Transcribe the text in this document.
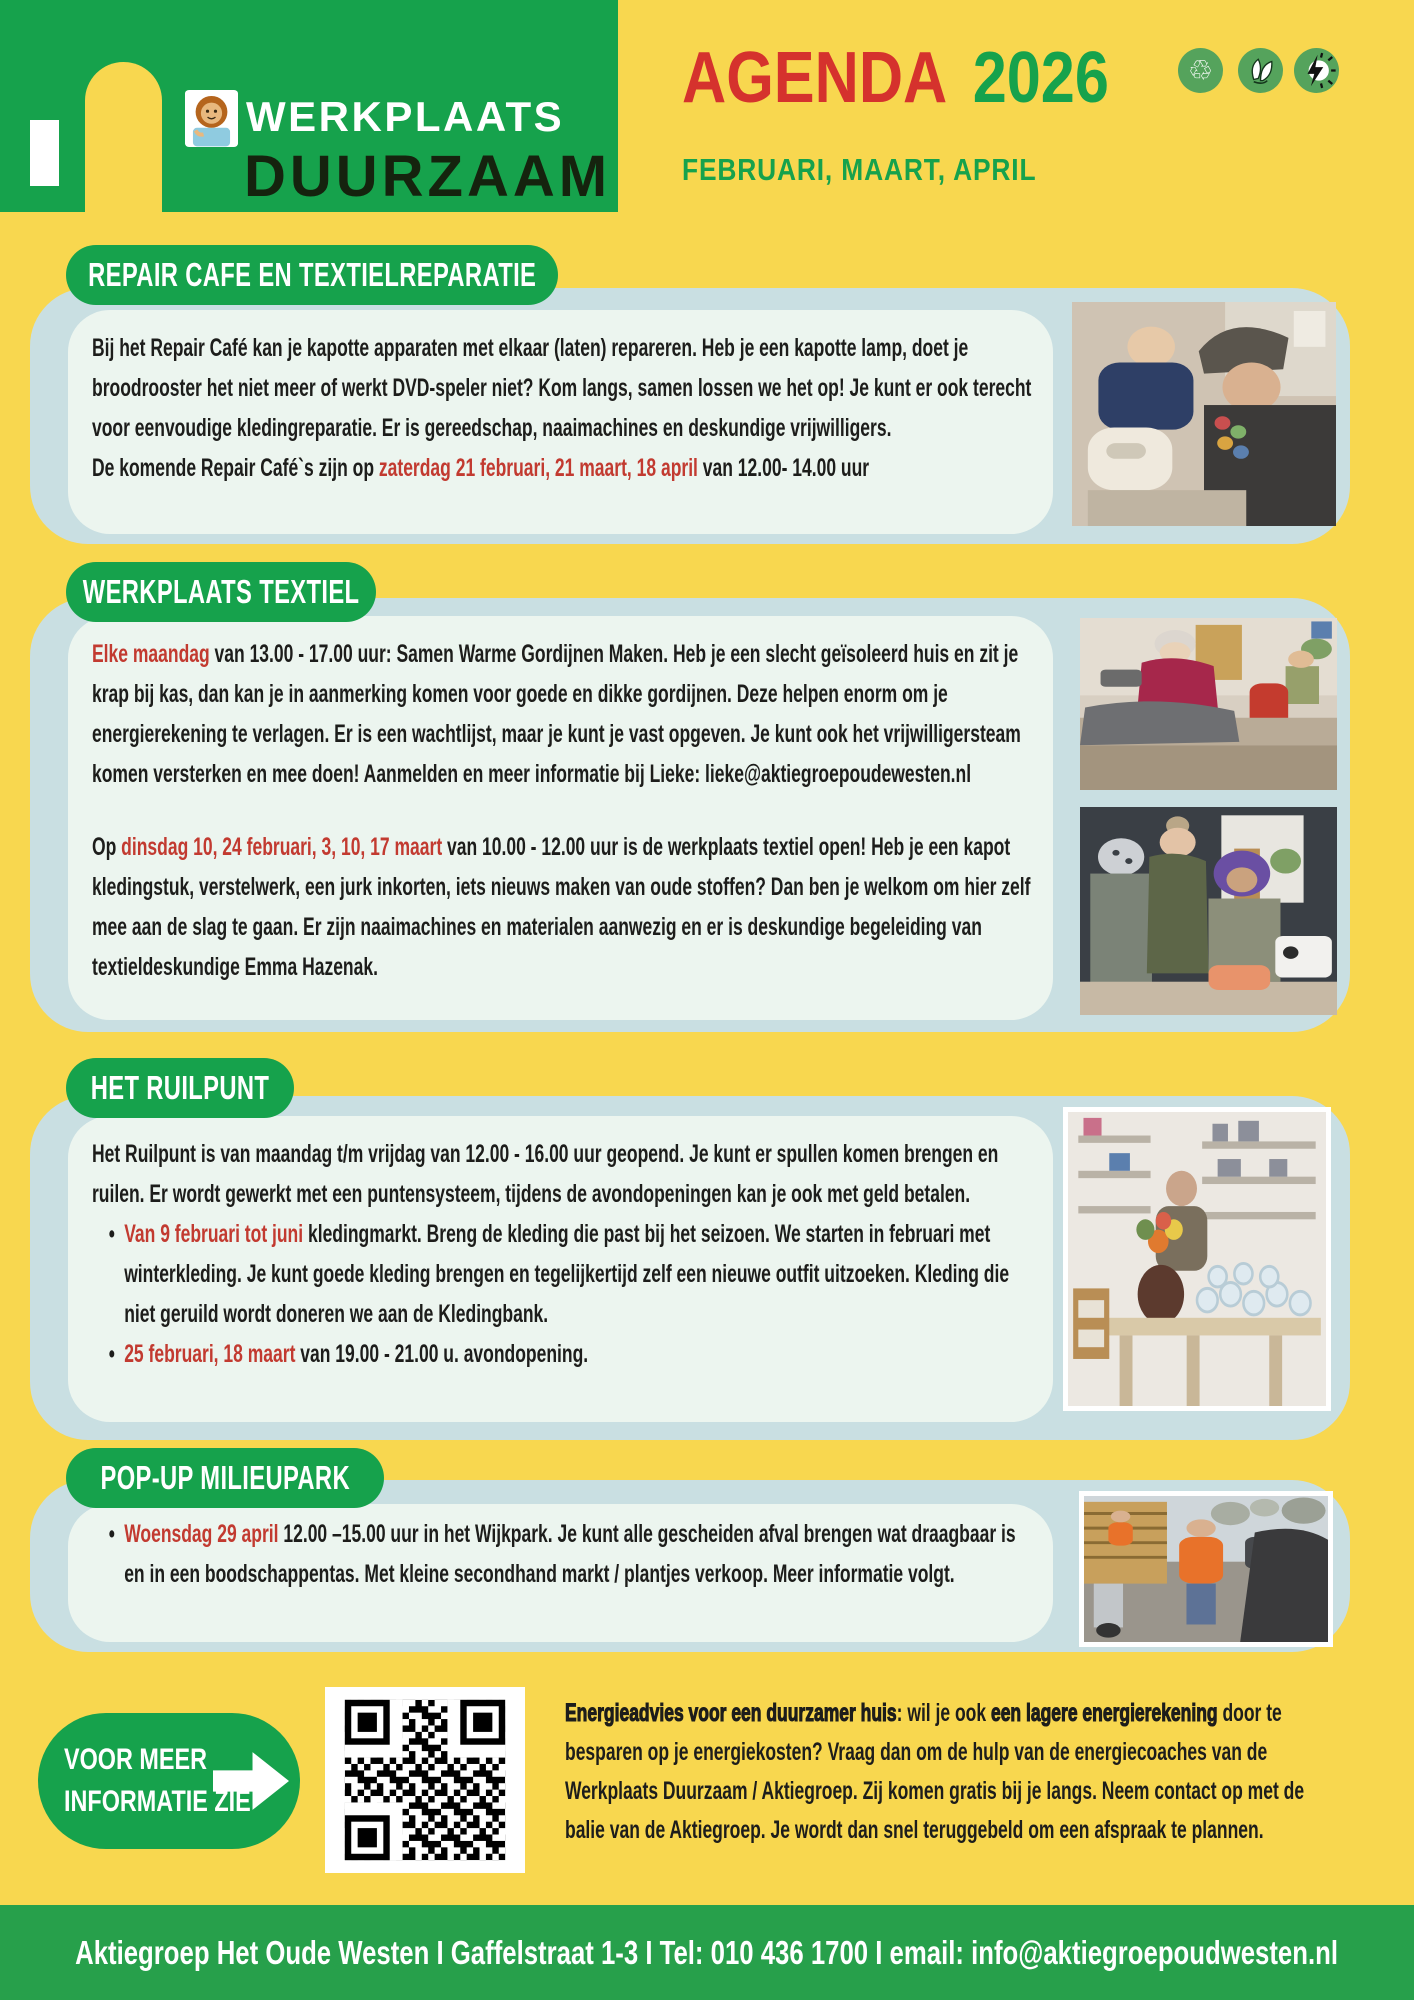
WERKPLAATS
DUURZAAM
AGENDA 2026
FEBRUARI, MAART, APRIL
♲
REPAIR CAFE EN TEXTIELREPARATIE
Bij het Repair Café kan je kapotte apparaten met elkaar (laten) repareren. Heb je een kapotte lamp, doet je broodrooster het niet meer of werkt DVD-speler niet? Kom langs, samen lossen we het op! Je kunt er ook terecht voor eenvoudige kledingreparatie. Er is gereedschap, naaimachines en deskundige vrijwilligers.
De komende Repair Café`s zijn op zaterdag 21 februari, 21 maart, 18 april van 12.00- 14.00 uur
WERKPLAATS TEXTIEL
Elke maandag van 13.00 - 17.00 uur: Samen Warme Gordijnen Maken. Heb je een slecht geïsoleerd huis en zit je krap bij kas, dan kan je in aanmerking komen voor goede en dikke gordijnen. Deze helpen enorm om je energierekening te verlagen. Er is een wachtlijst, maar je kunt je vast opgeven. Je kunt ook het vrijwilligersteam komen versterken en mee doen! Aanmelden en meer informatie bij Lieke: lieke@aktiegroepoudewesten.nl
Op dinsdag 10, 24 februari, 3, 10, 17 maart van 10.00 - 12.00 uur is de werkplaats textiel open! Heb je een kapot kledingstuk, verstelwerk, een jurk inkorten, iets nieuws maken van oude stoffen? Dan ben je welkom om hier zelf mee aan de slag te gaan. Er zijn naaimachines en materialen aanwezig en er is deskundige begeleiding van textieldeskundige Emma Hazenak.
HET RUILPUNT
Het Ruilpunt is van maandag t/m vrijdag van 12.00 - 16.00 uur geopend. Je kunt er spullen komen brengen en ruilen. Er wordt gewerkt met een puntensysteem, tijdens de avondopeningen kan je ook met geld betalen.
• Van 9 februari tot juni kledingmarkt. Breng de kleding die past bij het seizoen. We starten in februari met winterkleding. Je kunt goede kleding brengen en tegelijkertijd zelf een nieuwe outfit uitzoeken. Kleding die niet geruild wordt doneren we aan de Kledingbank.
• 25 februari, 18 maart van 19.00 - 21.00 u. avondopening.
POP-UP MILIEUPARK
• Woensdag 29 april 12.00 –15.00 uur in het Wijkpark. Je kunt alle gescheiden afval brengen wat draagbaar is en in een boodschappentas. Met kleine secondhand markt / plantjes verkoop. Meer informatie volgt.
VOOR MEER
INFORMATIE ZIE
Energieadvies voor een duurzamer huis: wil je ook een lagere energierekening door te besparen op je energiekosten? Vraag dan om de hulp van de energiecoaches van de Werkplaats Duurzaam / Aktiegroep. Zij komen gratis bij je langs. Neem contact op met de balie van de Aktiegroep. Je wordt dan snel teruggebeld om een afspraak te plannen.
Aktiegroep Het Oude Westen I Gaffelstraat 1-3 I Tel: 010 436 1700 I email: info@aktiegroepoudwesten.nl
